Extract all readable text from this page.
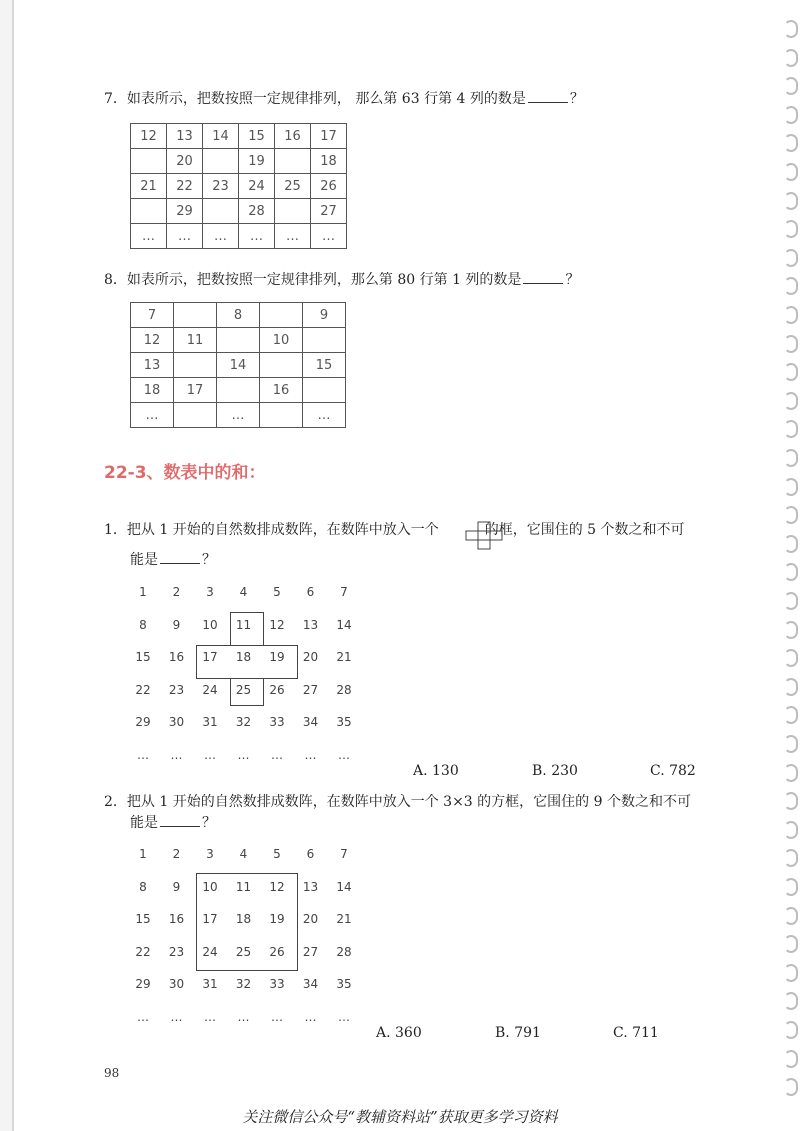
7．如表所示，把数按照一定规律排列， 那么第 63 行第 4 列的数是	？
12	13	14	15	16	17
	20		19		18
21	22	23	24	25	26
	29		28		27
…	…	…	…	…	…
8．如表所示，把数按照一定规律排列，那么第 80 行第 1 列的数是	？
7		8		9
12	11		10	
13		14		15
18	17		16	
…		…		…
22-3、数表中的和：
1．把从 1 开始的自然数排成数阵，在数阵中放入一个	的框，它围住的 5 个数之和不可
能是	？
1	2	3	4	5	6	7
8	9	10	11	12	13	14
15	16	17	18	19	20	21
22	23	24	25	26	27	28
29	30	31	32	33	34	35
…	…	…	…	…	…	…
A. 130	B. 230	C. 782
2．把从 1 开始的自然数排成数阵，在数阵中放入一个 3×3 的方框，它围住的 9 个数之和不可
能是	？
1	2	3	4	5	6	7
8	9	10	11	12	13	14
15	16	17	18	19	20	21
22	23	24	25	26	27	28
29	30	31	32	33	34	35
…	…	…	…	…	…	…
A. 360	B. 791	C. 711
98
关注微信公众号“教辅资料站”获取更多学习资料
